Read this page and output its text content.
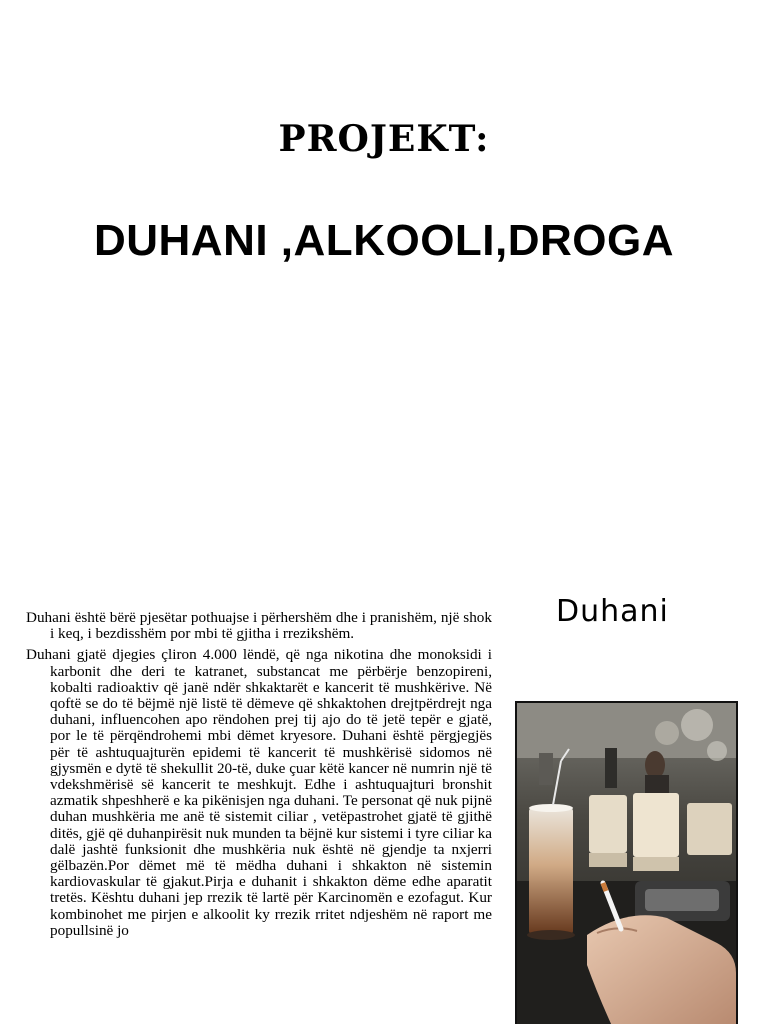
PROJEKT:
DUHANI ,ALKOOLI,DROGA
Duhani

Duhani është bërë pjesëtar pothuajse i përhershëm dhe i pranishëm, një shok i keq, i bezdisshëm por mbi të gjitha i rrezikshëm.

Duhani gjatë djegies çliron 4.000 lëndë, që nga nikotina dhe monoksidi i karbonit dhe deri te katranet, substancat me përbërje benzopireni, kobalti radioaktiv që janë ndër shkaktarët e kancerit të mushkërive. Në qoftë se do të bëjmë një listë të dëmeve që shkaktohen drejtpërdrejt nga duhani, influencohen apo rëndohen prej tij ajo do të jetë tepër e gjatë, por le të përqëndrohemi mbi dëmet kryesore. Duhani është përgjegjës për të ashtuquajturën epidemi të kancerit të mushkërisë sidomos në gjysmën e dytë të shekullit 20-të, duke çuar këtë kancer në numrin një të vdekshmërisë së kancerit te meshkujt. Edhe i ashtuquajturi bronshit azmatik shpeshherë e ka pikënisjen nga duhani. Te personat që nuk pijnë duhan mushkëria me anë të sistemit ciliar , vetëpastrohet gjatë të gjithë ditës, gjë që duhanpirësit nuk munden ta bëjnë kur sistemi i tyre ciliar ka dalë jashtë funksionit dhe mushkëria nuk është në gjendje ta nxjerri gëlbazën.Por dëmet më të mëdha duhani i shkakton në sistemin kardiovaskular të gjakut.Pirja e duhanit i shkakton dëme edhe aparatit tretës. Kështu duhani jep rrezik të lartë për Karcinomën e ezofagut. Kur kombinohet me pirjen e alkoolit ky rrezik rritet ndjeshëm në raport me popullsinë jo
